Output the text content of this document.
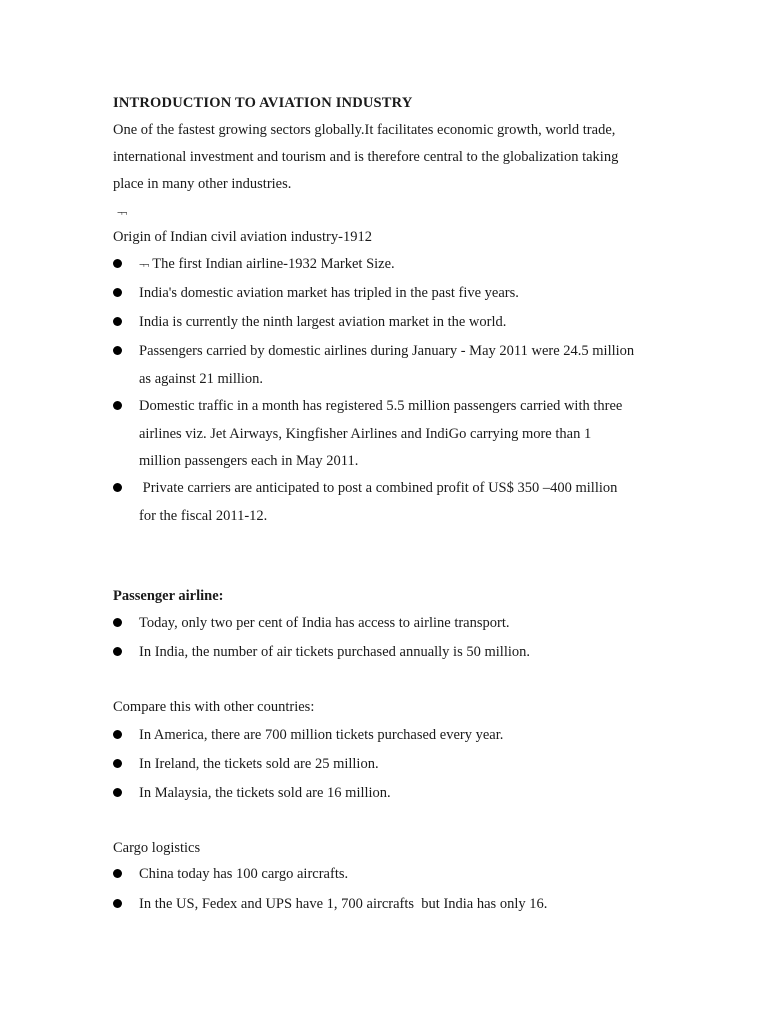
INTRODUCTION TO AVIATION INDUSTRY
One of the fastest growing sectors globally.It facilitates economic growth, world trade,
international investment and tourism and is therefore central to the globalization taking
place in many other industries.
¬¬
Origin of Indian civil aviation industry-1912
¬¬ The first Indian airline-1932 Market Size.
India's domestic aviation market has tripled in the past five years.
India is currently the ninth largest aviation market in the world.
Passengers carried by domestic airlines during January - May 2011 were 24.5 million
as against 21 million.
Domestic traffic in a month has registered 5.5 million passengers carried with three
airlines viz. Jet Airways, Kingfisher Airlines and IndiGo carrying more than 1
million passengers each in May 2011.
Private carriers are anticipated to post a combined profit of US$ 350 –400 million
for the fiscal 2011-12.
Passenger airline:
Today, only two per cent of India has access to airline transport.
In India, the number of air tickets purchased annually is 50 million.
Compare this with other countries:
In America, there are 700 million tickets purchased every year.
In Ireland, the tickets sold are 25 million.
In Malaysia, the tickets sold are 16 million.
Cargo logistics
China today has 100 cargo aircrafts.
In the US, Fedex and UPS have 1, 700 aircrafts  but India has only 16.
